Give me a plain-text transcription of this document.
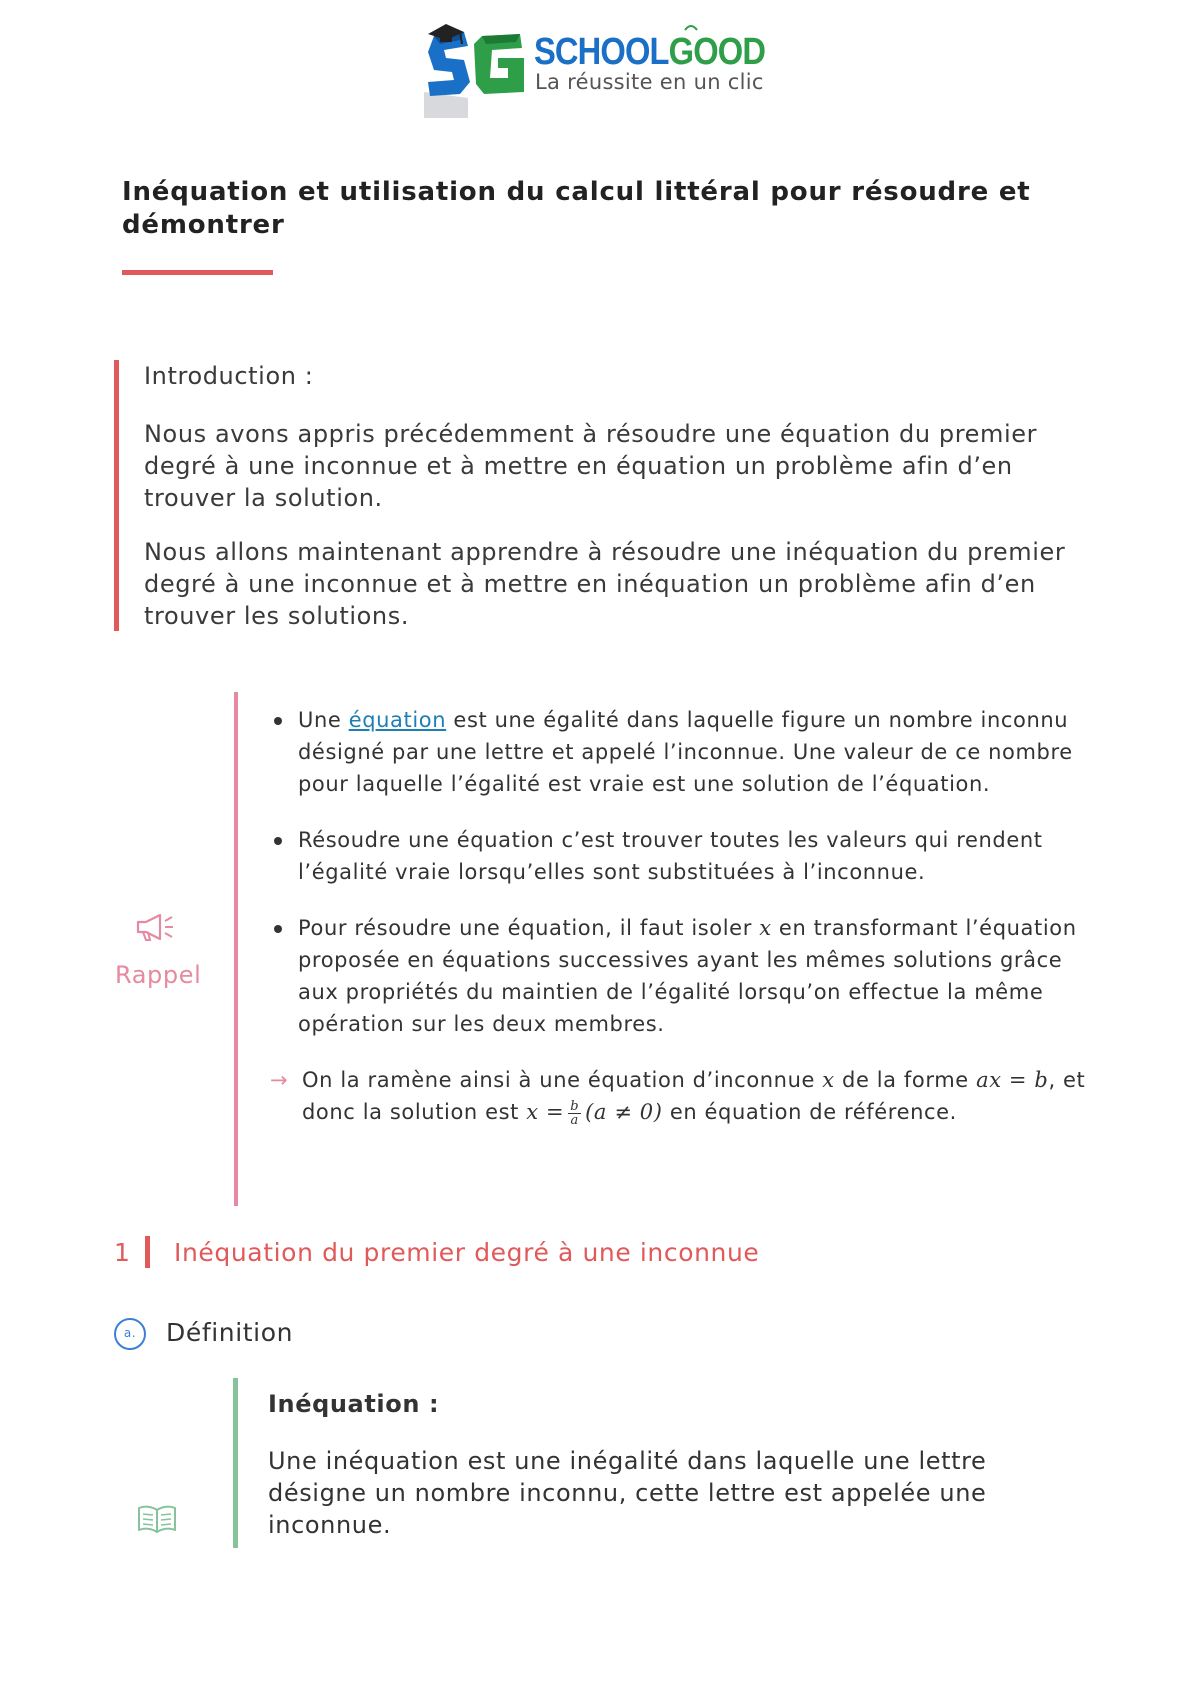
SCHOOLGOOD
La réussite en un clic
Inéquation et utilisation du calcul littéral pour résoudre et démontrer

Introduction :

Nous avons appris précédemment à résoudre une équation du premier degré à une inconnue et à mettre en équation un problème afin d’en trouver la solution.

Nous allons maintenant apprendre à résoudre une inéquation du premier degré à une inconnue et à mettre en inéquation un problème afin d’en trouver les solutions.

Rappel
Une équation est une égalité dans laquelle figure un nombre inconnu désigné par une lettre et appelé l’inconnue. Une valeur de ce nombre pour laquelle l’égalité est vraie est une solution de l’équation.
Résoudre une équation c’est trouver toutes les valeurs qui rendent l’égalité vraie lorsqu’elles sont substituées à l’inconnue.
Pour résoudre une équation, il faut isoler x en transformant l’équation proposée en équations successives ayant les mêmes solutions grâce aux propriétés du maintien de l’égalité lorsqu’on effectue la même opération sur les deux membres.
→ On la ramène ainsi à une équation d’inconnue x de la forme ax = b, et donc la solution est $x = \frac{b}{a} (a \ne 0)$ en équation de référence.
1 Inéquation du premier degré à une inconnue
a.	Définition
Inéquation :
Une inéquation est une inégalité dans laquelle une lettre désigne un nombre inconnu, cette lettre est appelée une inconnue.
